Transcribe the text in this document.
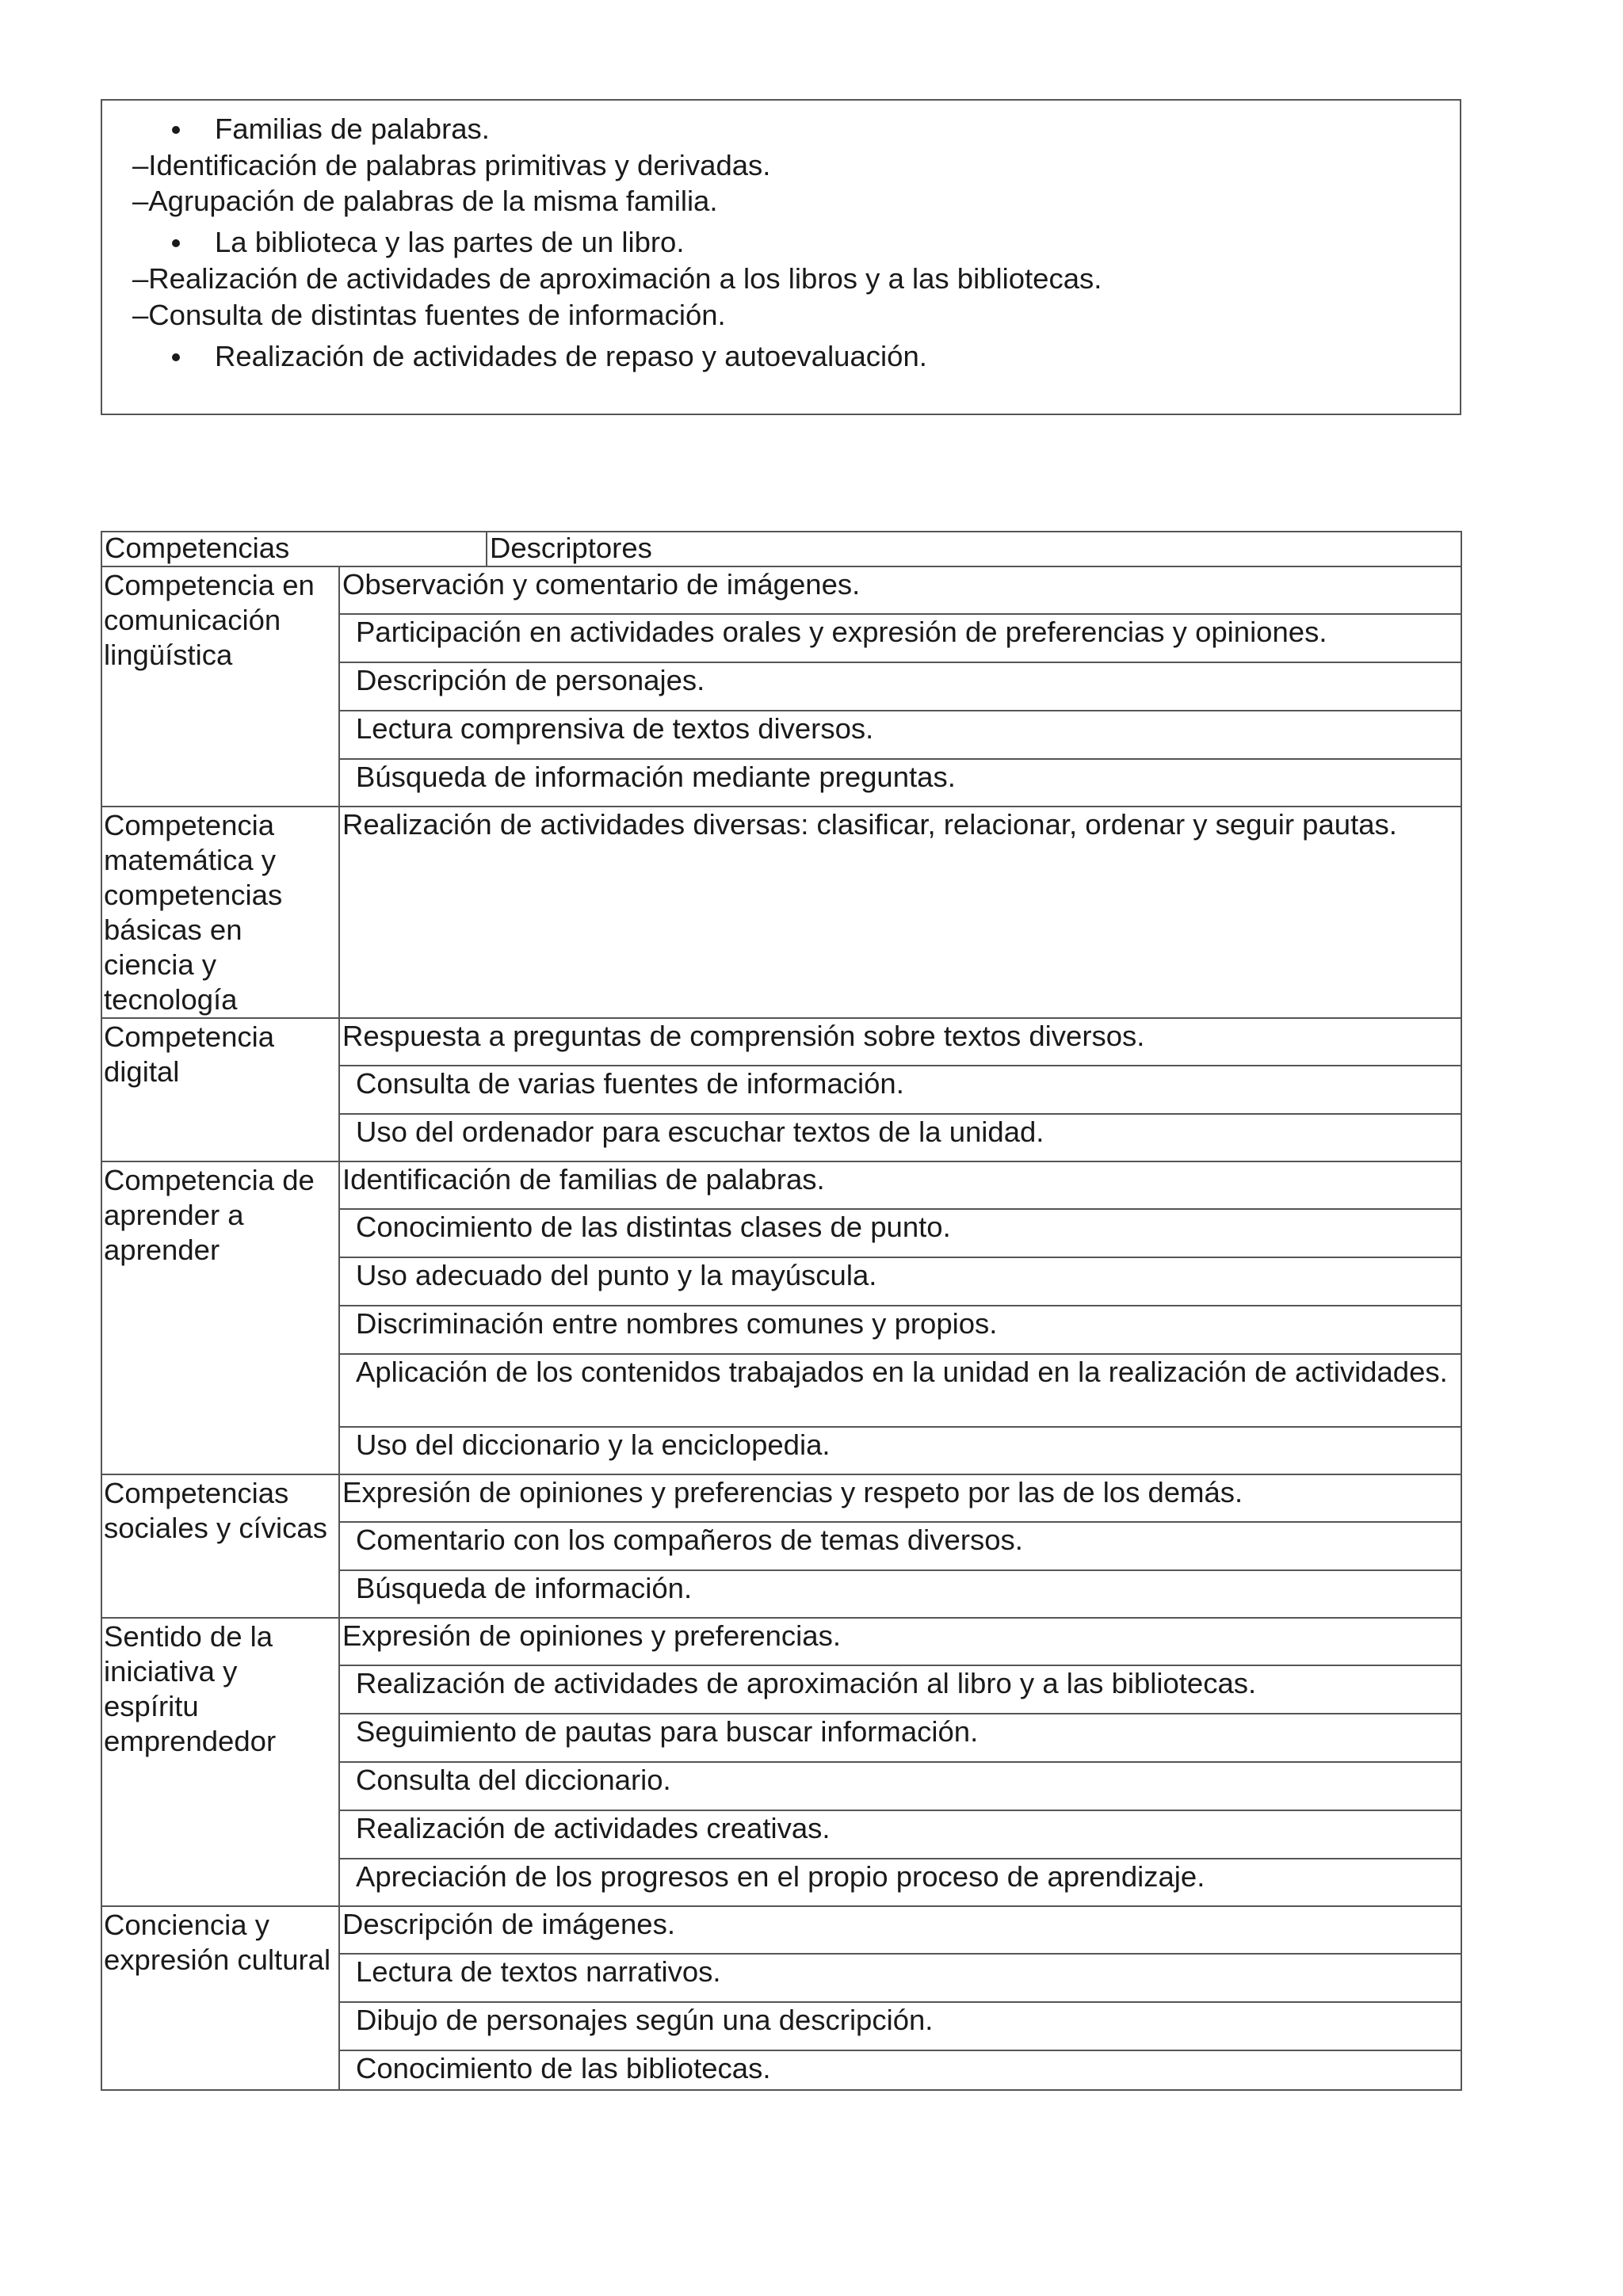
Familias de palabras.
–Identificación de palabras primitivas y derivadas.
–Agrupación de palabras de la misma familia.
La biblioteca y las partes de un libro.
–Realización de actividades de aproximación a los libros y a las bibliotecas.
–Consulta de distintas fuentes de información.
Realización de actividades de repaso y autoevaluación.
Competencias		Descriptores
Competencia en comunicación lingüística	Observación y comentario de imágenes.	
	Participación en actividades orales y expresión de preferencias y opiniones.	
	Descripción de personajes.	
	Lectura comprensiva de textos diversos.	
	Búsqueda de información mediante preguntas.	
Competencia matemática y competencias básicas en ciencia y tecnología	Realización de actividades diversas: clasificar, relacionar, ordenar y seguir pautas.	
Competencia digital	Respuesta a preguntas de comprensión sobre textos diversos.	
	Consulta de varias fuentes de información.	
	Uso del ordenador para escuchar textos de la unidad.	
Competencia de aprender a aprender	Identificación de familias de palabras.	
	Conocimiento de las distintas clases de punto.	
	Uso adecuado del punto y la mayúscula.	
	Discriminación entre nombres comunes y propios.	
	Aplicación de los contenidos trabajados en la unidad en la realización de actividades.	
	Uso del diccionario y la enciclopedia.	
Competencias sociales y cívicas	Expresión de opiniones y preferencias y respeto por las de los demás.	
	Comentario con los compañeros de temas diversos.	
	Búsqueda de información.	
Sentido de la iniciativa y espíritu emprendedor	Expresión de opiniones y preferencias.	
	Realización de actividades de aproximación al libro y a las bibliotecas.	
	Seguimiento de pautas para buscar información.	
	Consulta del diccionario.	
	Realización de actividades creativas.	
	Apreciación de los progresos en el propio proceso de aprendizaje.	
Conciencia y expresión cultural	Descripción de imágenes.	
	Lectura de textos narrativos.	
	Dibujo de personajes según una descripción.	
	Conocimiento de las bibliotecas.	
